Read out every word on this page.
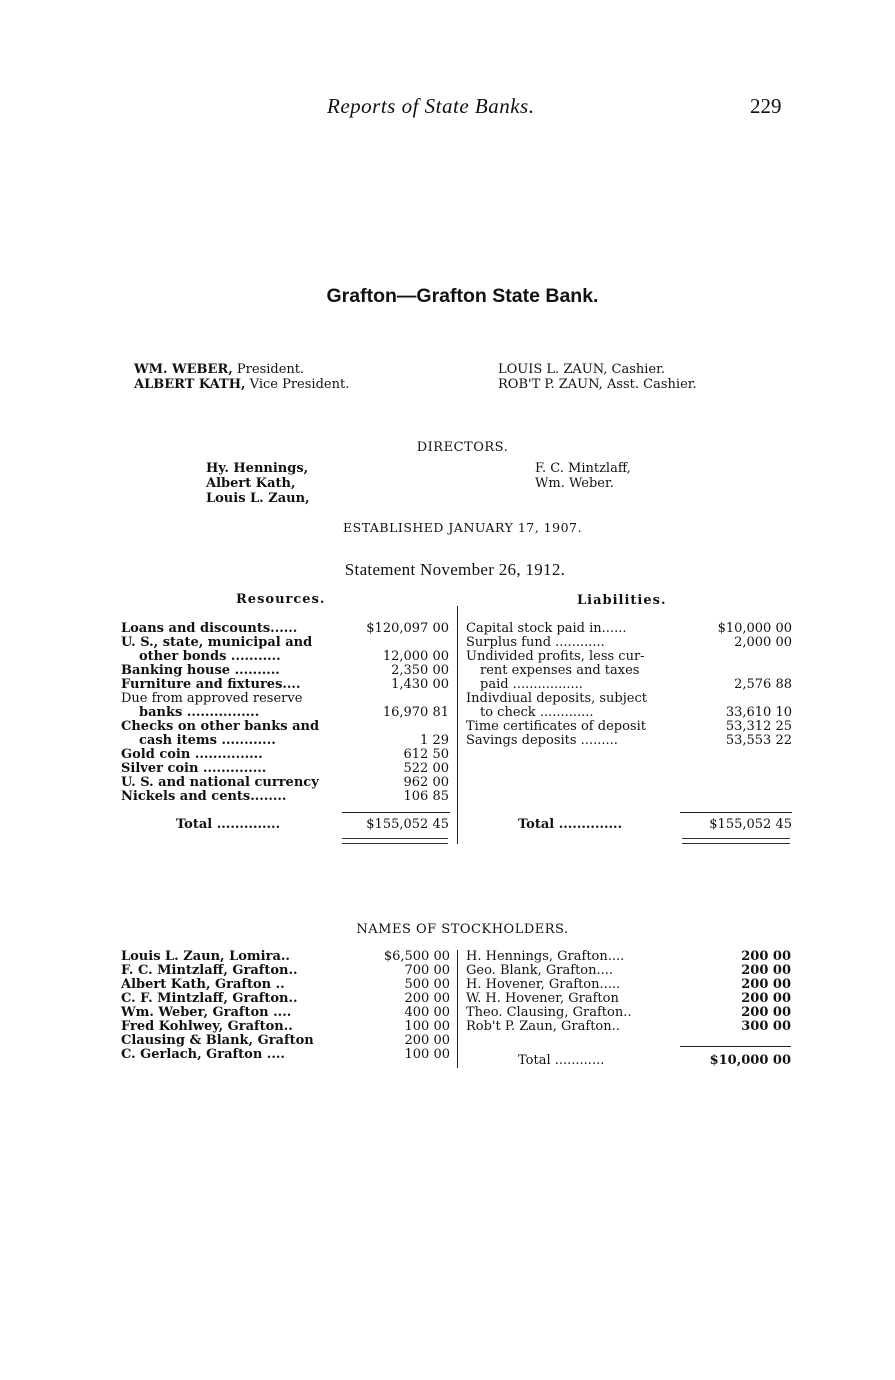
Reports of State Banks.	229
Grafton—Grafton State Bank.
WM. WEBER, President.
ALBERT KATH, Vice President.
LOUIS L. ZAUN, Cashier.
ROB'T P. ZAUN, Asst. Cashier.
DIRECTORS.
Hy. Hennings,
Albert Kath,
Louis L. Zaun,
F. C. Mintzlaff,
Wm. Weber.
ESTABLISHED JANUARY 17, 1907.
Statement November 26, 1912.
Resources.	Liabilities.
Loans and discounts......	$120,097 00
U. S., state, municipal and
other bonds ...........	12,000 00
Banking house ..........	2,350 00
Furniture and fixtures....	1,430 00
Due from approved reserve
banks ................	16,970 81
Checks on other banks and
cash items ............	1 29
Gold coin ...............	612 50
Silver coin ..............	522 00
U. S. and national currency	962 00
Nickels and cents........	106 85
Total ..............	$155,052 45
Capital stock paid in......	$10,000 00
Surplus fund ............	2,000 00
Undivided profits, less cur-
rent expenses and taxes
paid .................	2,576 88
Indivdiual deposits, subject
to check .............	33,610 10
Time certificates of deposit	53,312 25
Savings deposits .........	53,553 22
Total ..............	$155,052 45
NAMES OF STOCKHOLDERS.
Louis L. Zaun, Lomira..	$6,500 00
F. C. Mintzlaff, Grafton..	700 00
Albert Kath, Grafton ..	500 00
C. F. Mintzlaff, Grafton..	200 00
Wm. Weber, Grafton ....	400 00
Fred Kohlwey, Grafton..	100 00
Clausing & Blank, Grafton	200 00
C. Gerlach, Grafton ....	100 00
H. Hennings, Grafton....	200 00
Geo. Blank, Grafton....	200 00
H. Hovener, Grafton.....	200 00
W. H. Hovener, Grafton	200 00
Theo. Clausing, Grafton..	200 00
Rob't P. Zaun, Grafton..	300 00
Total ............	$10,000 00
